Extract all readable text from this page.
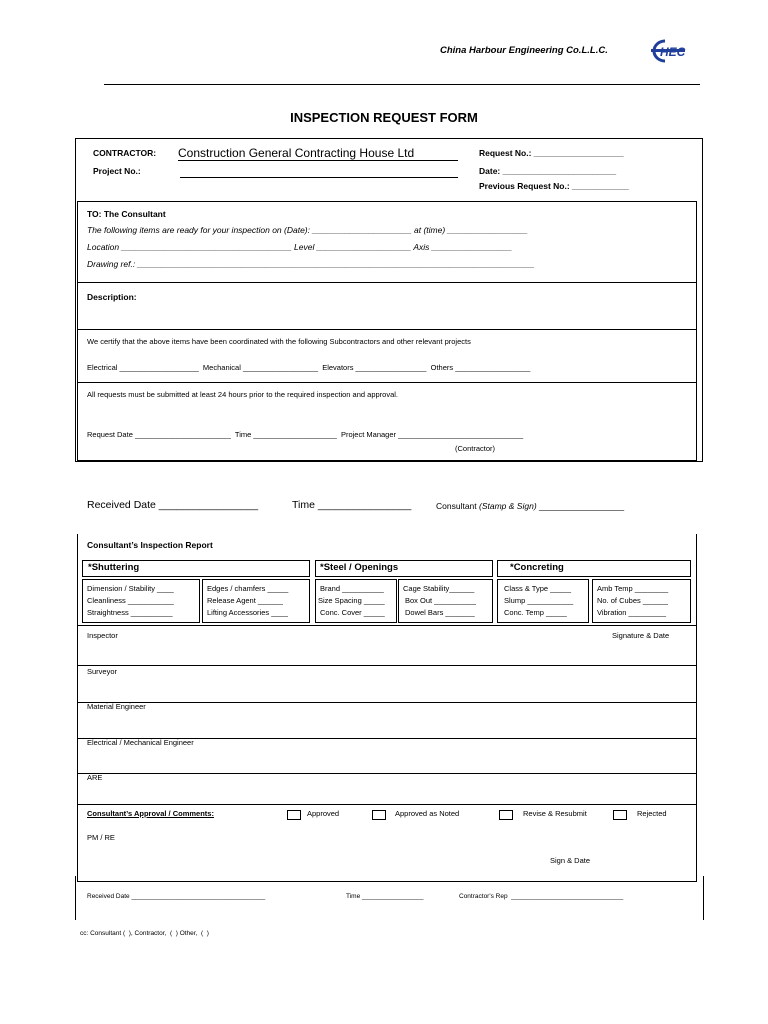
China Harbour Engineering Co.L.L.C.	HEC
INSPECTION REQUEST FORM
CONTRACTOR: Construction General Contracting House Ltd
Project No.:
Request No.: ___________________
Date: ________________________
Previous Request No.: ____________
TO: The Consultant
The following items are ready for your inspection on (Date): _____________________ at (time) _________________
Location ____________________________________ Level ____________________ Axis _________________
Drawing ref.: ____________________________________________________________________________________
Description:
We certify that the above items have been coordinated with the following Subcontractors and other relevant projects
Electrical ___________________  Mechanical __________________  Elevators _________________  Others __________________
All requests must be submitted at least 24 hours prior to the required inspection and approval.
Request Date _______________________  Time ____________________  Project Manager ______________________________
(Contractor)
Received Date _________________	Time ________________	Consultant (Stamp & Sign) __________________
Consultant’s Inspection Report
*Shuttering	*Steel / Openings	*Concreting
Dimension / Stability ____
Cleanliness ___________
Straightness __________
Edges / chamfers _____
Release Agent ______
Lifting Accessories ____
Brand __________
Size Spacing _____
Conc. Cover _____
Cage Stability______
Box Out __________
Dowel Bars _______
Class & Type _____
Slump ___________
Conc. Temp _____
Amb Temp ________
No. of Cubes ______
Vibration _________
Inspector	Signature & Date
Surveyor
Material Engineer
Electrical / Mechanical Engineer
ARE
Consultant’s Approval / Comments:	Approved	Approved as Noted	Revise & Resubmit	Rejected
PM / RE
Sign & Date
Received Date _____________________________________	Time _________________	Contractor's Rep  _______________________________
cc: Consultant (  ), Contractor,  (  ) Other,  (  )
